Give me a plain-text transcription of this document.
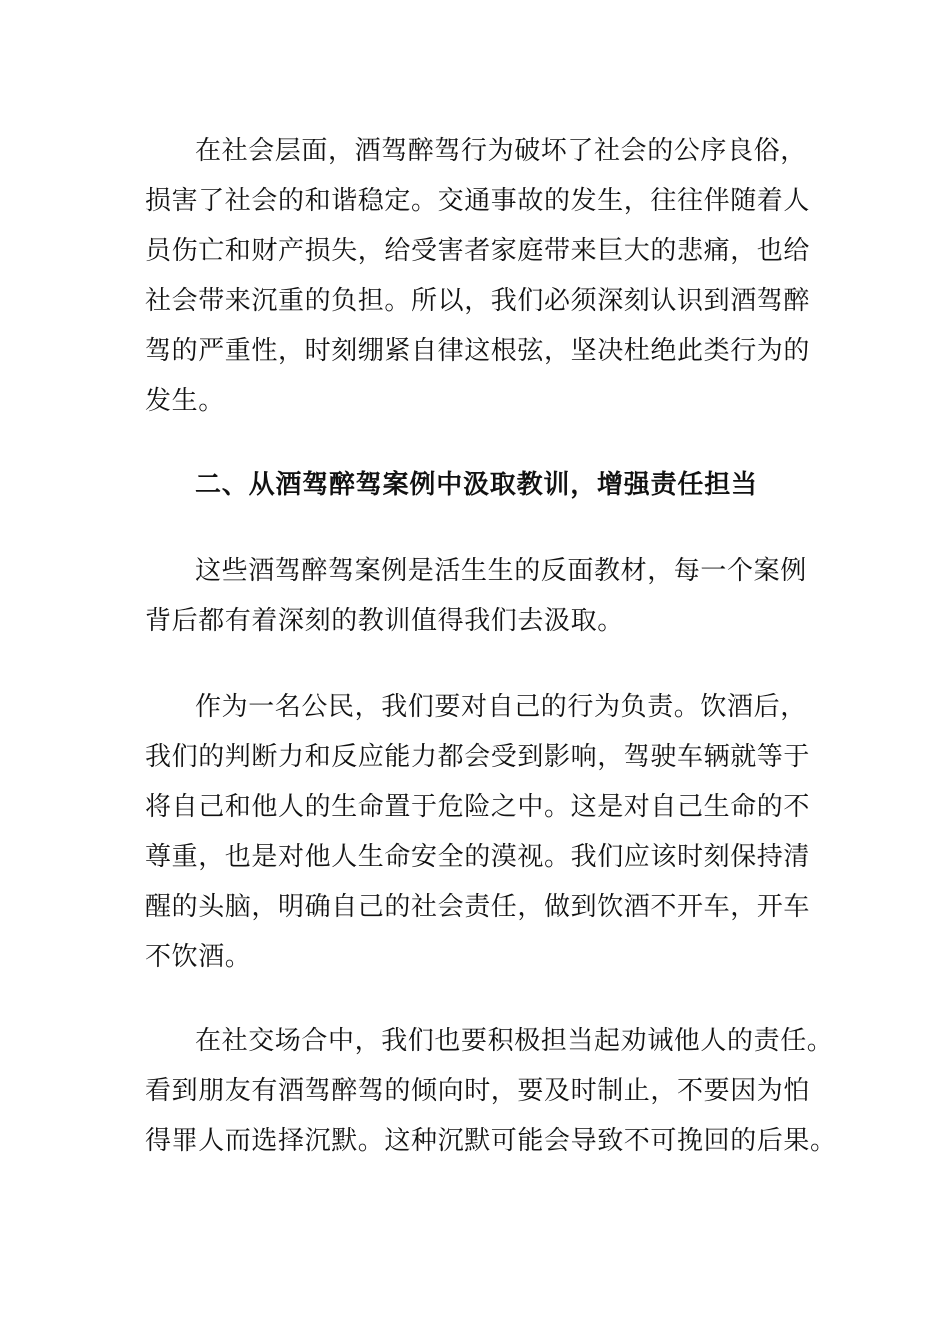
在社会层面，酒驾醉驾行为破坏了社会的公序良俗，
损害了社会的和谐稳定。交通事故的发生，往往伴随着人
员伤亡和财产损失，给受害者家庭带来巨大的悲痛，也给
社会带来沉重的负担。所以，我们必须深刻认识到酒驾醉
驾的严重性，时刻绷紧自律这根弦，坚决杜绝此类行为的
发生。
二、从酒驾醉驾案例中汲取教训，增强责任担当
这些酒驾醉驾案例是活生生的反面教材，每一个案例
背后都有着深刻的教训值得我们去汲取。
作为一名公民，我们要对自己的行为负责。饮酒后，
我们的判断力和反应能力都会受到影响，驾驶车辆就等于
将自己和他人的生命置于危险之中。这是对自己生命的不
尊重，也是对他人生命安全的漠视。我们应该时刻保持清
醒的头脑，明确自己的社会责任，做到饮酒不开车，开车
不饮酒。
在社交场合中，我们也要积极担当起劝诫他人的责任。
看到朋友有酒驾醉驾的倾向时，要及时制止，不要因为怕
得罪人而选择沉默。这种沉默可能会导致不可挽回的后果。
